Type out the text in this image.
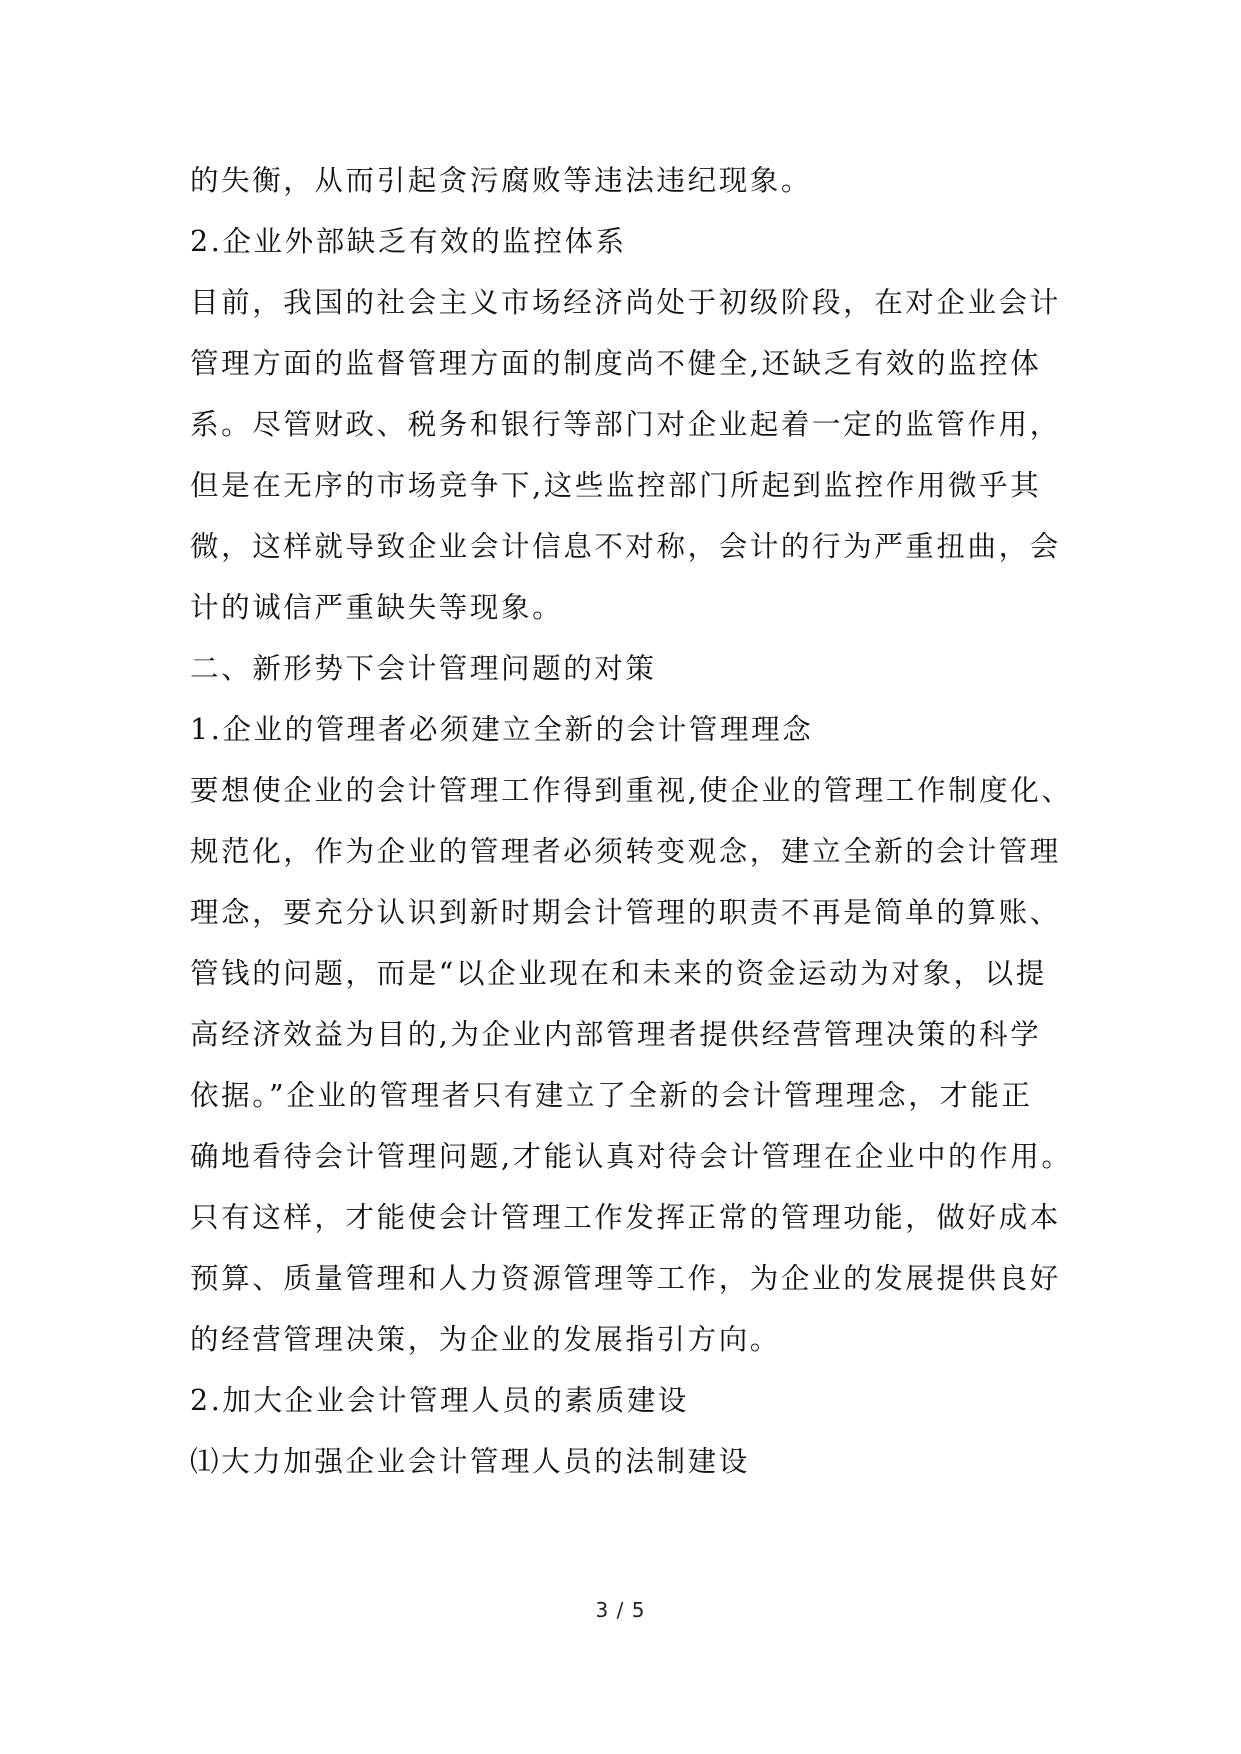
的失衡，从而引起贪污腐败等违法违纪现象。
2.企业外部缺乏有效的监控体系
目前，我国的社会主义市场经济尚处于初级阶段，在对企业会计
管理方面的监督管理方面的制度尚不健全,还缺乏有效的监控体
系。尽管财政、税务和银行等部门对企业起着一定的监管作用，
但是在无序的市场竞争下,这些监控部门所起到监控作用微乎其
微，这样就导致企业会计信息不对称，会计的行为严重扭曲，会
计的诚信严重缺失等现象。
二、新形势下会计管理问题的对策
1.企业的管理者必须建立全新的会计管理理念
要想使企业的会计管理工作得到重视,使企业的管理工作制度化、
规范化，作为企业的管理者必须转变观念，建立全新的会计管理
理念，要充分认识到新时期会计管理的职责不再是简单的算账、
管钱的问题，而是“以企业现在和未来的资金运动为对象，以提
高经济效益为目的,为企业内部管理者提供经营管理决策的科学
依据。”企业的管理者只有建立了全新的会计管理理念，才能正
确地看待会计管理问题,才能认真对待会计管理在企业中的作用。
只有这样，才能使会计管理工作发挥正常的管理功能，做好成本
预算、质量管理和人力资源管理等工作，为企业的发展提供良好
的经营管理决策，为企业的发展指引方向。
2.加大企业会计管理人员的素质建设
⑴大力加强企业会计管理人员的法制建设
3 / 5
